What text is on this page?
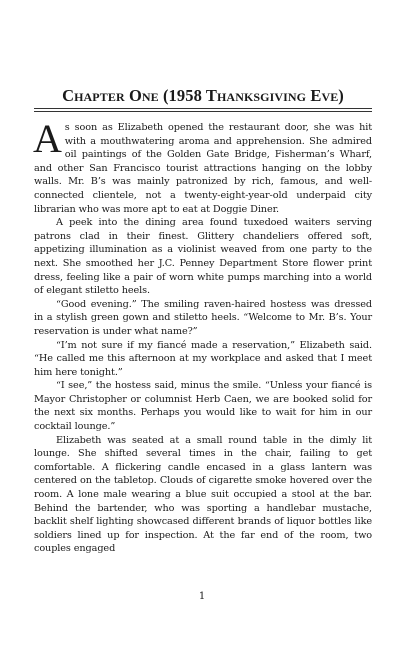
Chapter One (1958 Thanksgiving Eve)

As soon as Elizabeth opened the restaurant door, she was hit with a mouthwatering aroma and apprehension. She admired oil paintings of the Golden Gate Bridge, Fisherman’s Wharf, and other San Francisco tourist attractions hanging on the lobby walls. Mr. B’s was mainly patronized by rich, famous, and well-connected clientele, not a twenty-eight-year-old underpaid city librarian who was more apt to eat at Doggie Diner.

A peek into the dining area found tuxedoed waiters serving patrons clad in their finest. Glittery chandeliers offered soft, appetizing illumination as a violinist weaved from one party to the next. She smoothed her J.C. Penney Department Store flower print dress, feeling like a pair of worn white pumps marching into a world of elegant stiletto heels.

“Good evening.” The smiling raven-haired hostess was dressed in a stylish green gown and stiletto heels. “Welcome to Mr. B’s. Your reservation is under what name?”

“I’m not sure if my fiancé made a reservation,” Elizabeth said. “He called me this afternoon at my workplace and asked that I meet him here tonight.”

“I see,” the hostess said, minus the smile. “Unless your fiancé is Mayor Christopher or columnist Herb Caen, we are booked solid for the next six months. Perhaps you would like to wait for him in our cocktail lounge.”

Elizabeth was seated at a small round table in the dimly lit lounge. She shifted several times in the chair, failing to get comfortable. A flickering candle encased in a glass lantern was centered on the tabletop. Clouds of cigarette smoke hovered over the room. A lone male wearing a blue suit occupied a stool at the bar. Behind the bartender, who was sporting a handlebar mustache, backlit shelf lighting showcased different brands of liquor bottles like soldiers lined up for inspection. At the far end of the room, two couples engaged

1
